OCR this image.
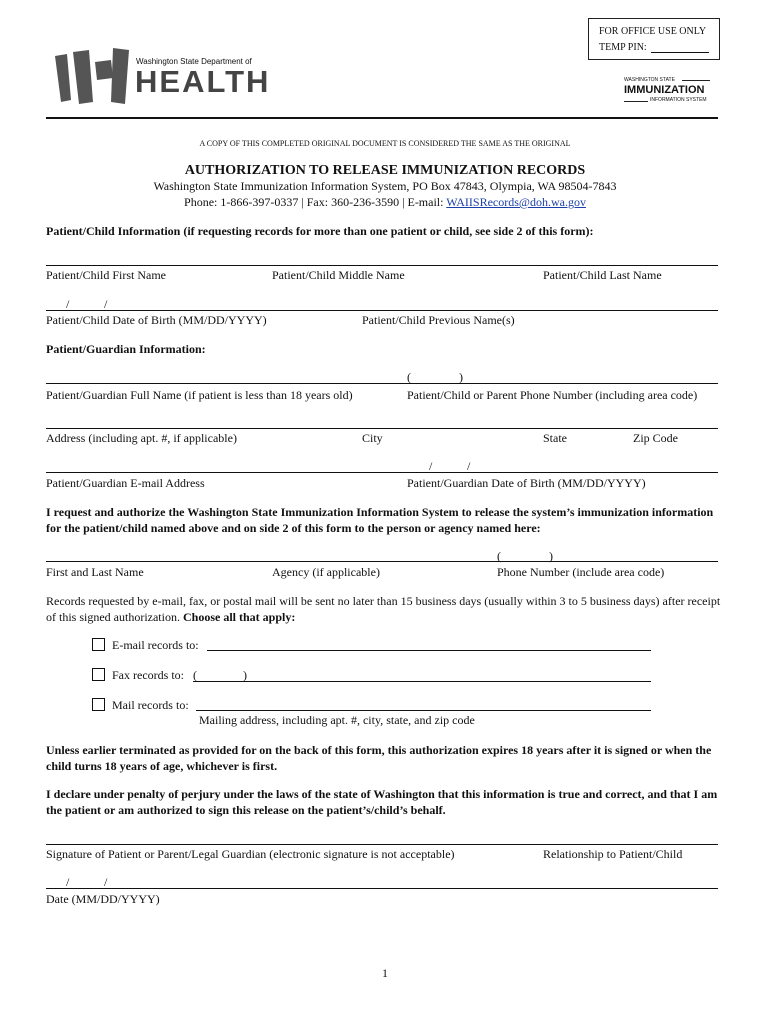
FOR OFFICE USE ONLY
TEMP PIN:
Washington State Department of
HEALTH	WASHINGTON STATE
IMMUNIZATION
INFORMATION SYSTEM
A COPY OF THIS COMPLETED ORIGINAL DOCUMENT IS CONSIDERED THE SAME AS THE ORIGINAL
AUTHORIZATION TO RELEASE IMMUNIZATION RECORDS
Washington State Immunization Information System, PO Box 47843, Olympia, WA 98504-7843
Phone: 1-866-397-0337 | Fax: 360-236-3590 | E-mail: WAIISRecords@doh.wa.gov
Patient/Child Information (if requesting records for more than one patient or child, see side 2 of this form):
Patient/Child First Name	Patient/Child Middle Name	Patient/Child Last Name
/	/
Patient/Child Date of Birth (MM/DD/YYYY)	Patient/Child Previous Name(s)
Patient/Guardian Information:
(	)
Patient/Guardian Full Name (if patient is less than 18 years old)	Patient/Child or Parent Phone Number (including area code)
Address (including apt. #, if applicable)	City	State	Zip Code
/	/
Patient/Guardian E-mail Address	Patient/Guardian Date of Birth (MM/DD/YYYY)
I request and authorize the Washington State Immunization Information System to release the system’s immunization information for the patient/child named above and on side 2 of this form to the person or agency named here:
(	)
First and Last Name	Agency (if applicable)	Phone Number (include area code)
Records requested by e-mail, fax, or postal mail will be sent no later than 15 business days (usually within 3 to 5 business days) after receipt of this signed authorization. Choose all that apply:
E-mail records to:
Fax records to: (	)
Mail records to:
Mailing address, including apt. #, city, state, and zip code
Unless earlier terminated as provided for on the back of this form, this authorization expires 18 years after it is signed or when the child turns 18 years of age, whichever is first.
I declare under penalty of perjury under the laws of the state of Washington that this information is true and correct, and that I am the patient or am authorized to sign this release on the patient’s/child’s behalf.
Signature of Patient or Parent/Legal Guardian (electronic signature is not acceptable)	Relationship to Patient/Child
/	/
Date (MM/DD/YYYY)
1
